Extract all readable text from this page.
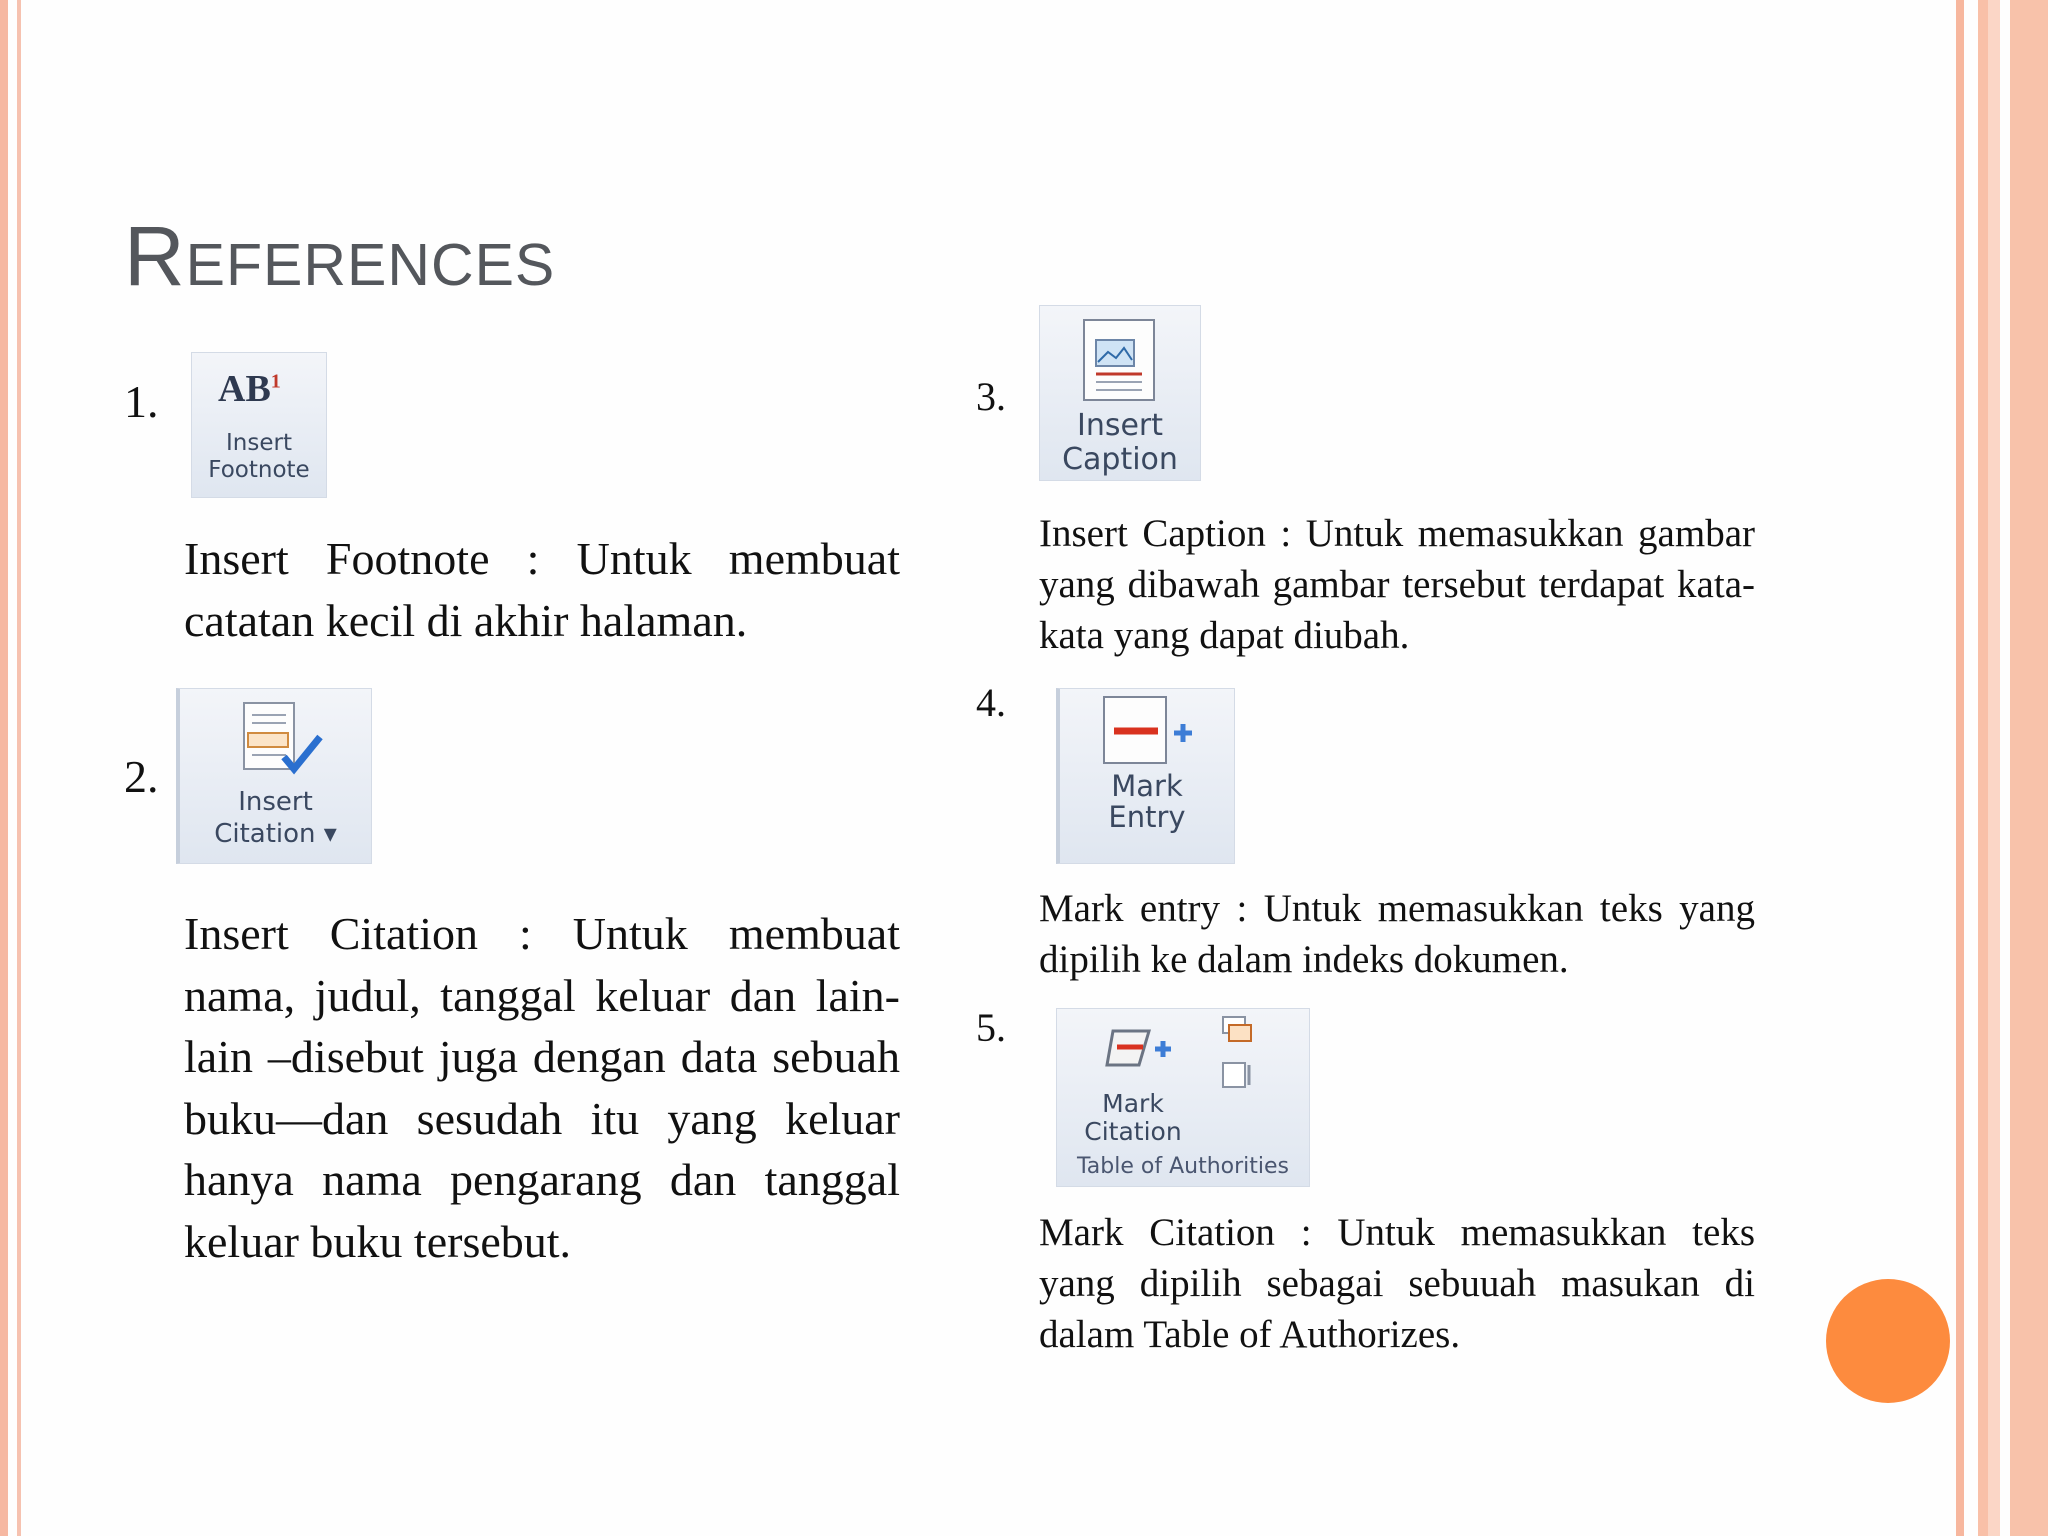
References
1. $AB^1$
Insert
Footnote
Insert Footnote : Untuk membuat catatan kecil di akhir halaman.
2.	Insert
Citation ▾
Insert Citation : Untuk membuat nama, judul, tanggal keluar dan lain-lain –disebut juga dengan data sebuah buku—dan sesudah itu yang keluar hanya nama pengarang dan tanggal keluar buku tersebut.
3.
Insert
Caption
Insert Caption : Untuk memasukkan gambar yang dibawah gambar tersebut terdapat kata-kata yang dapat diubah.
4.
Mark
Entry
Mark entry : Untuk memasukkan teks yang dipilih ke dalam indeks dokumen.
5.
Mark
Citation
Table of Authorities
Mark Citation : Untuk memasukkan teks yang dipilih sebagai sebuuah masukan di dalam Table of Authorizes.
